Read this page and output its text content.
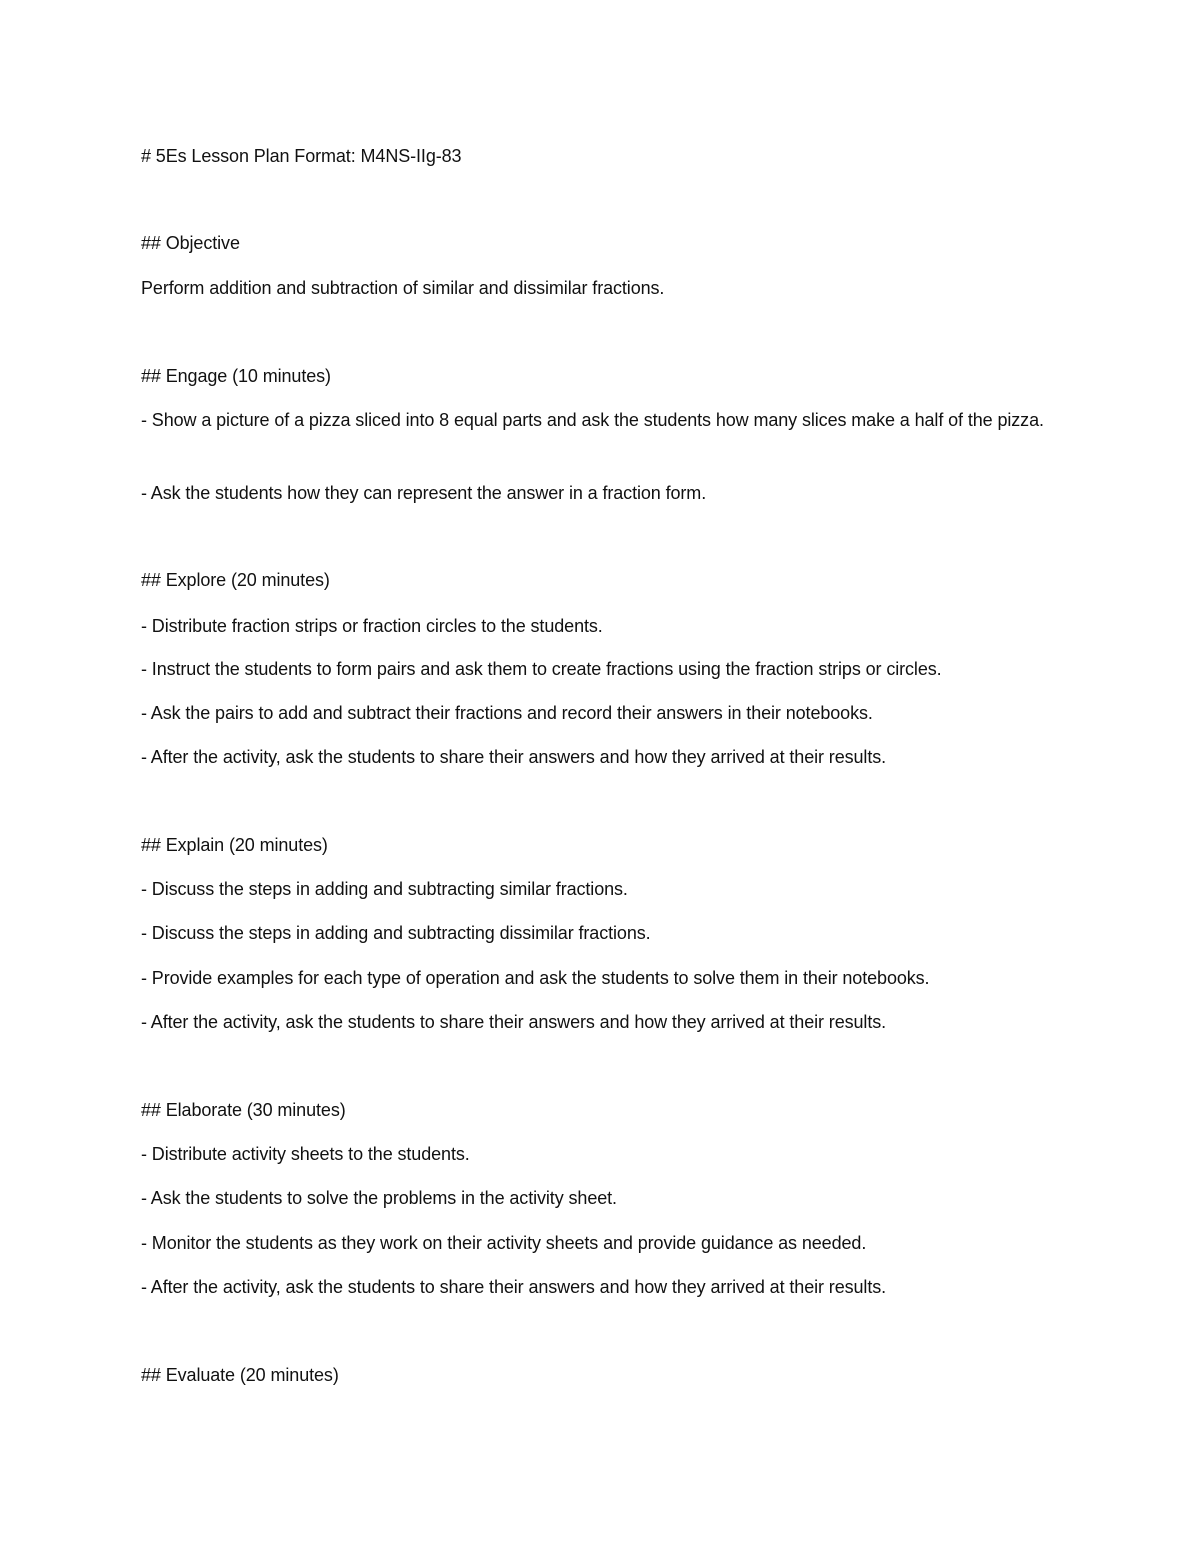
# 5Es Lesson Plan Format: M4NS-IIg-83
## Objective
Perform addition and subtraction of similar and dissimilar fractions.
## Engage (10 minutes)
- Show a picture of a pizza sliced into 8 equal parts and ask the students how many slices make a half of the pizza.
- Ask the students how they can represent the answer in a fraction form.
## Explore (20 minutes)
- Distribute fraction strips or fraction circles to the students.
- Instruct the students to form pairs and ask them to create fractions using the fraction strips or circles.
- Ask the pairs to add and subtract their fractions and record their answers in their notebooks.
- After the activity, ask the students to share their answers and how they arrived at their results.
## Explain (20 minutes)
- Discuss the steps in adding and subtracting similar fractions.
- Discuss the steps in adding and subtracting dissimilar fractions.
- Provide examples for each type of operation and ask the students to solve them in their notebooks.
- After the activity, ask the students to share their answers and how they arrived at their results.
## Elaborate (30 minutes)
- Distribute activity sheets to the students.
- Ask the students to solve the problems in the activity sheet.
- Monitor the students as they work on their activity sheets and provide guidance as needed.
- After the activity, ask the students to share their answers and how they arrived at their results.
## Evaluate (20 minutes)
